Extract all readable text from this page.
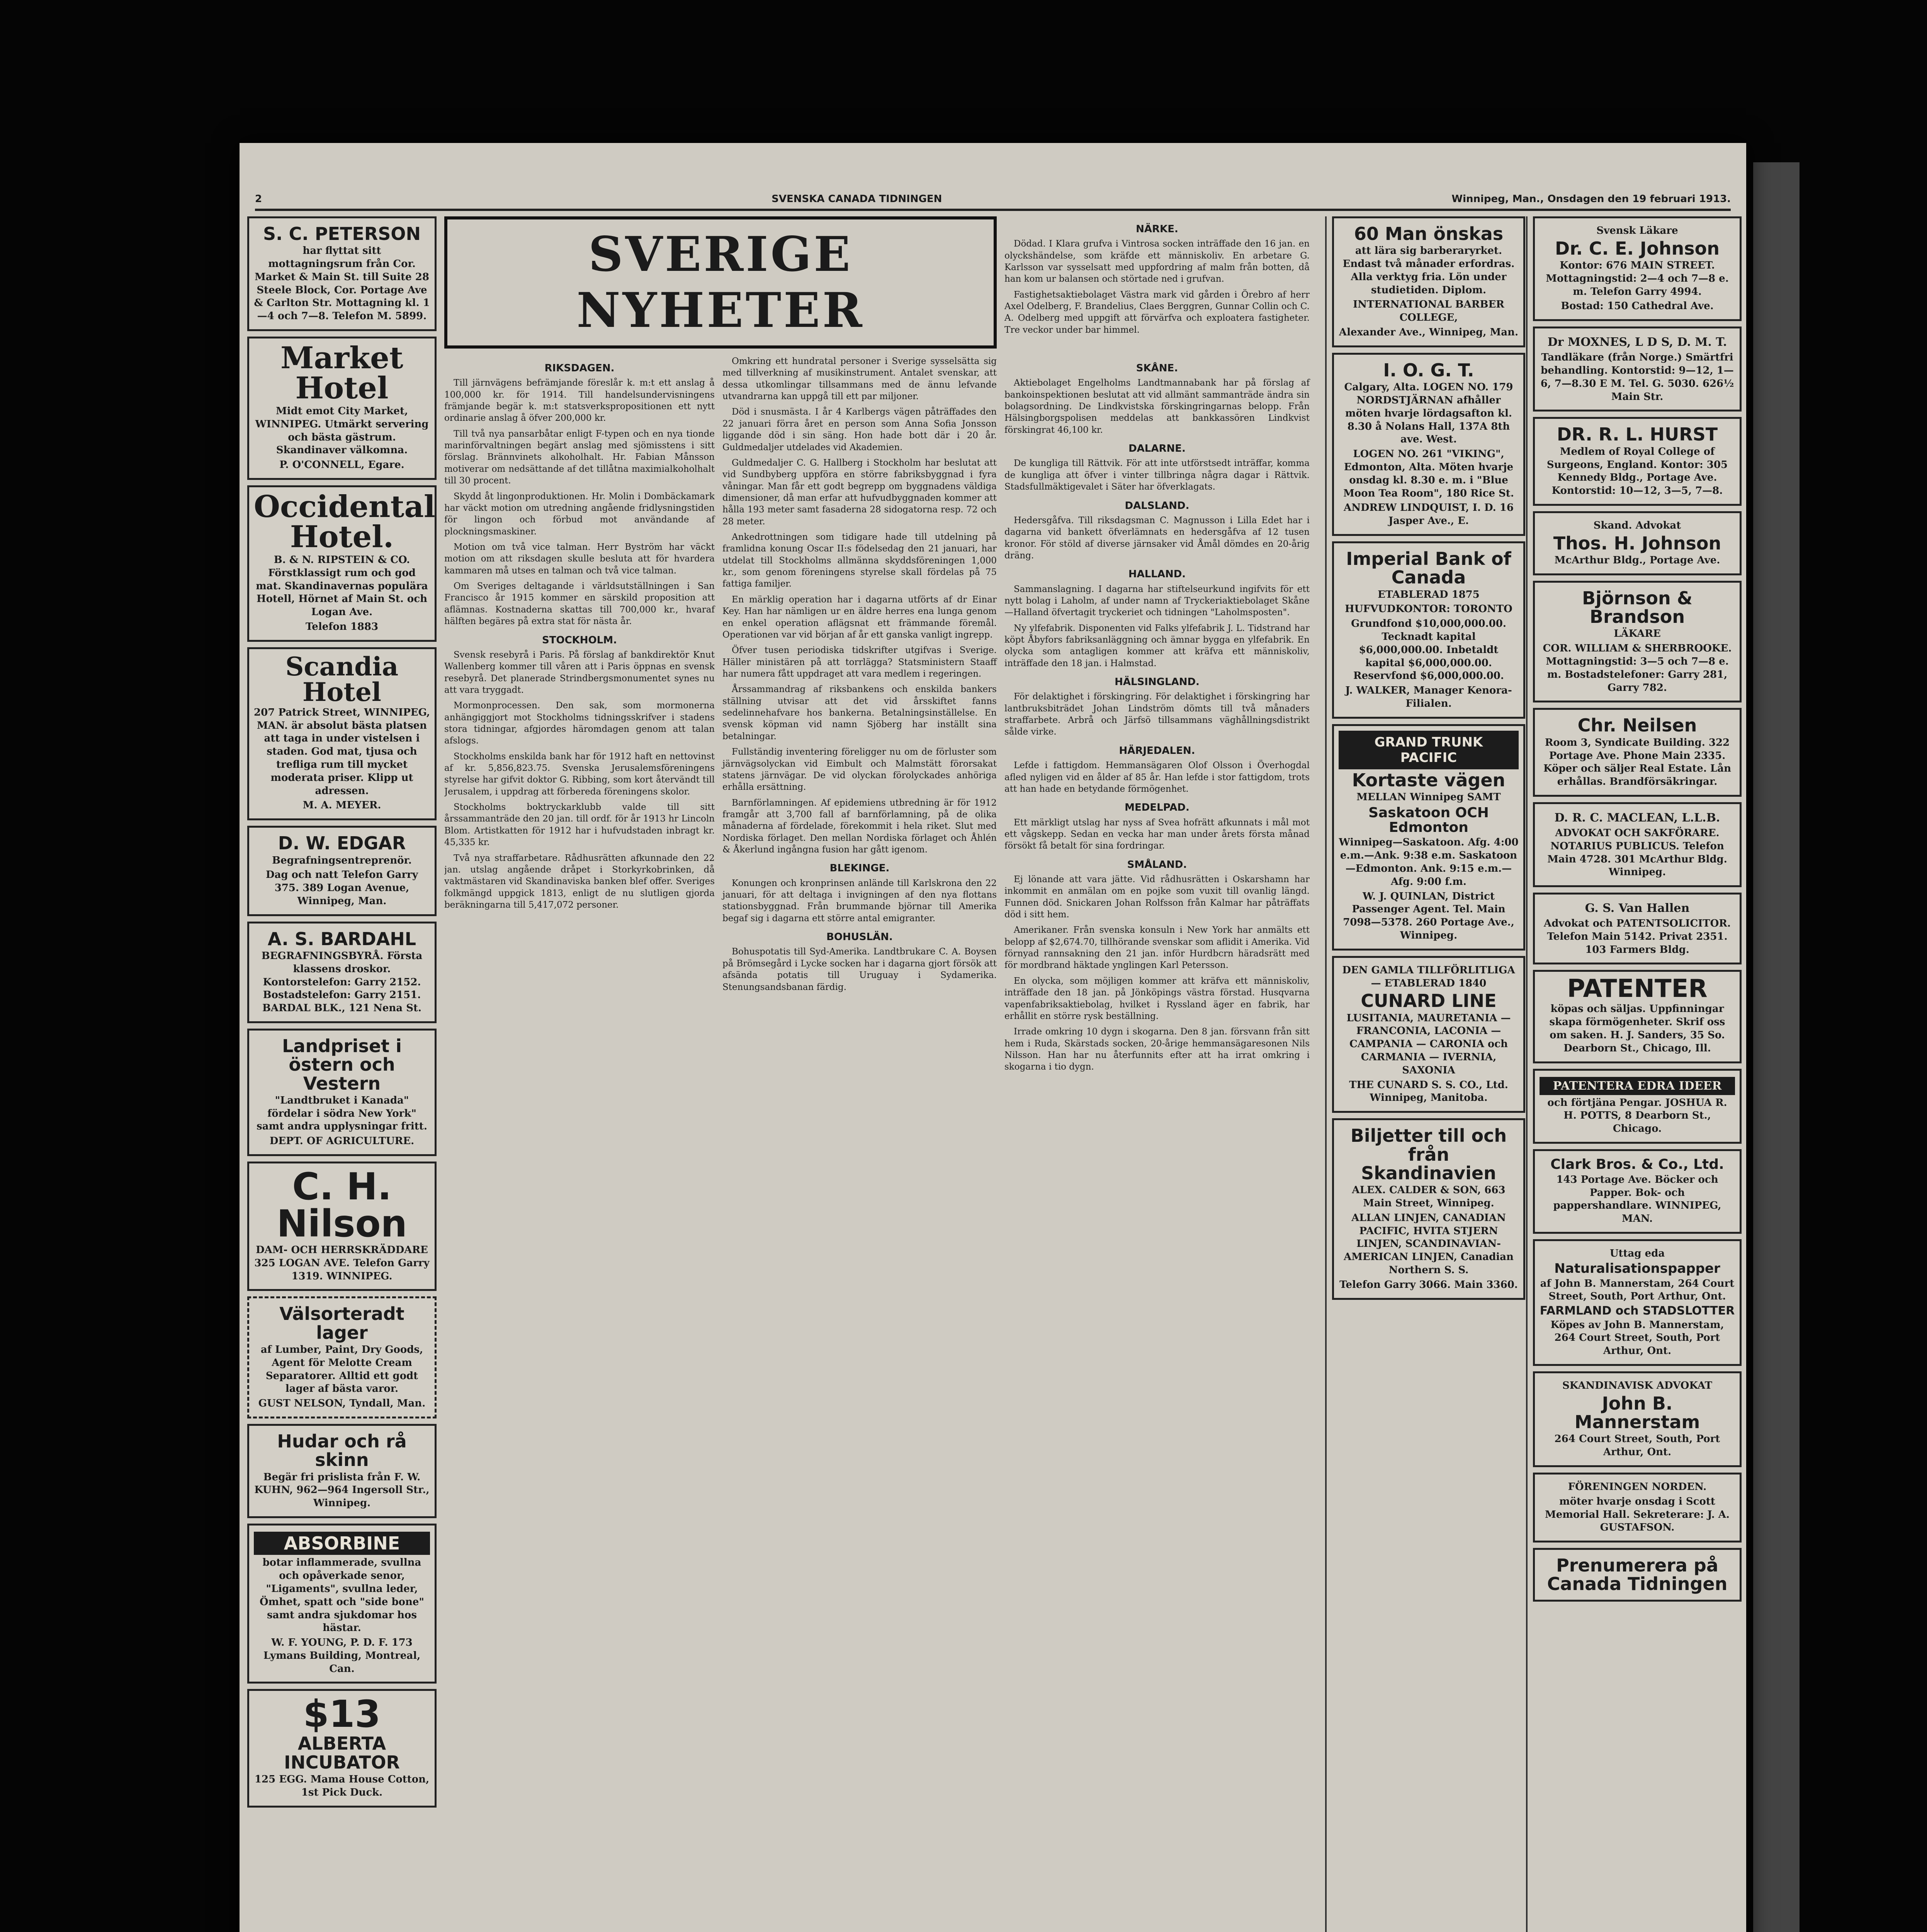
2	SVENSKA CANADA TIDNINGEN	Winnipeg, Man., Onsdagen den 19 februari 1913.
S. C. PETERSON

har flyttat sitt mottagningsrum från Cor. Market & Main St. till Suite 28 Steele Block, Cor. Portage Ave & Carlton Str. Mottagning kl. 1—4 och 7—8. Telefon M. 5899.

Market Hotel

Midt emot City Market, WINNIPEG. Utmärkt servering och bästa gästrum. Skandinaver välkomna.

P. O'CONNELL, Egare.

Occidental Hotel.

B. & N. RIPSTEIN & CO. Förstklassigt rum och god mat. Skandinavernas populära Hotell, Hörnet af Main St. och Logan Ave.

Telefon 1883

Scandia Hotel

207 Patrick Street, WINNIPEG, MAN. är absolut bästa platsen att taga in under vistelsen i staden. God mat, tjusa och trefliga rum till mycket moderata priser. Klipp ut adressen.

M. A. MEYER.

D. W. EDGAR

Begrafningsentreprenör.

Dag och natt Telefon Garry 375. 389 Logan Avenue, Winnipeg, Man.

A. S. BARDAHL

BEGRAFNINGSBYRÅ. Första klassens droskor. Kontorstelefon: Garry 2152. Bostadstelefon: Garry 2151. BARDAL BLK., 121 Nena St.

Landpriset i östern och Vestern

"Landtbruket i Kanada" fördelar i södra New York" samt andra upplysningar fritt.

DEPT. OF AGRICULTURE.

C. H. Nilson

DAM- OCH HERRSKRÄDDARE 325 LOGAN AVE. Telefon Garry 1319. WINNIPEG.

Välsorteradt lager

af Lumber, Paint, Dry Goods, Agent för Melotte Cream Separatorer. Alltid ett godt lager af bästa varor.

GUST NELSON, Tyndall, Man.

Hudar och rå skinn

Begär fri prislista från F. W. KUHN, 962—964 Ingersoll Str., Winnipeg.

ABSORBINE

botar inflammerade, svullna och opåverkade senor, "Ligaments", svullna leder, Ömhet, spatt och "side bone" samt andra sjukdomar hos hästar.

W. F. YOUNG, P. D. F. 173 Lymans Building, Montreal, Can.

$13
ALBERTA INCUBATOR

125 EGG. Mama House Cotton, 1st Pick Duck.

SVERIGE NYHETER
NÄRKE.

Dödad. I Klara grufva i Vintrosa socken inträffade den 16 jan. en olyckshändelse, som kräfde ett människoliv. En arbetare G. Karlsson var sysselsatt med uppfordring af malm från botten, då han kom ur balansen och störtade ned i grufvan.

Fastighetsaktiebolaget Västra mark vid gården i Örebro af herr Axel Odelberg, F. Brandelius, Claes Berggren, Gunnar Collin och C. A. Odelberg med uppgift att förvärfva och exploatera fastigheter. Tre veckor under bar himmel.

RIKSDAGEN.

Till järnvägens befrämjande föreslår k. m:t ett anslag å 100,000 kr. för 1914. Till handelsundervisningens främjande begär k. m:t statsverkspropositionen ett nytt ordinarie anslag å öfver 200,000 kr.

Till två nya pansarbåtar enligt F-typen och en nya tionde marinförvaltningen begärt anslag med sjömisstens i sitt förslag. Brännvinets alkoholhalt. Hr. Fabian Månsson motiverar om nedsättande af det tillåtna maximialkoholhalt till 30 procent.

Skydd åt lingonproduktionen. Hr. Molin i Dombäckamark har väckt motion om utredning angående fridlysningstiden för lingon och förbud mot användande af plockningsmaskiner.

Motion om två vice talman. Herr Byström har väckt motion om att riksdagen skulle besluta att för hvardera kammaren må utses en talman och två vice talman.

Om Sveriges deltagande i världsutställningen i San Francisco år 1915 kommer en särskild proposition att aflämnas. Kostnaderna skattas till 700,000 kr., hvaraf hälften begäres på extra stat för nästa år.

STOCKHOLM.

Svensk resebyrå i Paris. På förslag af bankdirektör Knut Wallenberg kommer till våren att i Paris öppnas en svensk resebyrå. Det planerade Strindbergsmonumentet synes nu att vara tryggadt.

Mormonprocessen. Den sak, som mormonerna anhängiggjort mot Stockholms tidningsskrifver i stadens stora tidningar, afgjordes häromdagen genom att talan afslogs.

Stockholms enskilda bank har för 1912 haft en nettovinst af kr. 5,856,823.75. Svenska Jerusalemsföreningens styrelse har gifvit doktor G. Ribbing, som kort återvändt till Jerusalem, i uppdrag att förbereda föreningens skolor.

Stockholms boktryckarklubb valde till sitt årssammanträde den 20 jan. till ordf. för år 1913 hr Lincoln Blom. Artistkatten för 1912 har i hufvudstaden inbragt kr. 45,335 kr.

Två nya straffarbetare. Rådhusrätten afkunnade den 22 jan. utslag angående dråpet i Storkyrkobrinken, då vaktmästaren vid Skandinaviska banken blef offer. Sveriges folkmängd uppgick 1813, enligt de nu slutligen gjorda beräkningarna till 5,417,072 personer.

Omkring ett hundratal personer i Sverige sysselsätta sig med tillverkning af musikinstrument. Antalet svenskar, att dessa utkomlingar tillsammans med de ännu lefvande utvandrarna kan uppgå till ett par miljoner.

Död i snusmästa. I år 4 Karlbergs vägen påträffades den 22 januari förra året en person som Anna Sofia Jonsson liggande död i sin säng. Hon hade bott där i 20 år. Guldmedaljer utdelades vid Akademien.

Guldmedaljer C. G. Hallberg i Stockholm har beslutat att vid Sundbyberg uppföra en större fabriksbyggnad i fyra våningar. Man får ett godt begrepp om byggnadens väldiga dimensioner, då man erfar att hufvudbyggnaden kommer att hålla 193 meter samt fasaderna 28 sidogatorna resp. 72 och 28 meter.

Ankedrottningen som tidigare hade till utdelning på framlidna konung Oscar II:s födelsedag den 21 januari, har utdelat till Stockholms allmänna skyddsföreningen 1,000 kr., som genom föreningens styrelse skall fördelas på 75 fattiga familjer.

En märklig operation har i dagarna utförts af dr Einar Key. Han har nämligen ur en äldre herres ena lunga genom en enkel operation aflägsnat ett främmande föremål. Operationen var vid början af år ett ganska vanligt ingrepp.

Öfver tusen periodiska tidskrifter utgifvas i Sverige. Häller ministären på att torrlägga? Statsministern Staaff har numera fått uppdraget att vara medlem i regeringen.

Årssammandrag af riksbankens och enskilda bankers ställning utvisar att det vid årsskiftet fanns sedelinnehafvare hos bankerna. Betalningsinställelse. En svensk köpman vid namn Sjöberg har inställt sina betalningar.

Fullständig inventering föreligger nu om de förluster som järnvägsolyckan vid Eimbult och Malmstätt förorsakat statens järnvägar. De vid olyckan förolyckades anhöriga erhålla ersättning.

Barnförlamningen. Af epidemiens utbredning är för 1912 framgår att 3,700 fall af barnförlamning, på de olika månaderna af fördelade, förekommit i hela riket. Slut med Nordiska förlaget. Den mellan Nordiska förlaget och Åhlén & Åkerlund ingångna fusion har gått igenom.

BLEKINGE.

Konungen och kronprinsen anlände till Karlskrona den 22 januari, för att deltaga i invigningen af den nya flottans stationsbyggnad. Från brummande björnar till Amerika begaf sig i dagarna ett större antal emigranter.

BOHUSLÄN.

Bohuspotatis till Syd-Amerika. Landtbrukare C. A. Boysen på Brömsegård i Lycke socken har i dagarna gjort försök att afsända potatis till Uruguay i Sydamerika. Stenungsandsbanan färdig.

SKÅNE.

Aktiebolaget Engelholms Landtmannabank har på förslag af bankoinspektionen beslutat att vid allmänt sammanträde ändra sin bolagsordning. De Lindkvistska förskingringarnas belopp. Från Hälsingborgspolisen meddelas att bankkassören Lindkvist förskingrat 46,100 kr.

DALARNE.

De kungliga till Rättvik. För att inte utförstsedt inträffar, komma de kungliga att öfver i vinter tillbringa några dagar i Rättvik. Stadsfullmäktigevalet i Säter har öfverklagats.

DALSLAND.

Hedersgåfva. Till riksdagsman C. Magnusson i Lilla Edet har i dagarna vid bankett öfverlämnats en hedersgåfva af 12 tusen kronor. För stöld af diverse järnsaker vid Åmål dömdes en 20-årig dräng.

HALLAND.

Sammanslagning. I dagarna har stiftelseurkund ingifvits för ett nytt bolag i Laholm, af under namn af Tryckeriaktiebolaget Skåne—Halland öfvertagit tryckeriet och tidningen "Laholmsposten".

Ny ylfefabrik. Disponenten vid Falks ylfefabrik J. L. Tidstrand har köpt Åbyfors fabriksanläggning och ämnar bygga en ylfefabrik. En olycka som antagligen kommer att kräfva ett människoliv, inträffade den 18 jan. i Halmstad.

HÄLSINGLAND.

För delaktighet i förskingring. För delaktighet i förskingring har lantbruksbiträdet Johan Lindström dömts till två månaders straffarbete. Arbrå och Järfsö tillsammans väghållningsdistrikt sålde virke.

HÄRJEDALEN.

Lefde i fattigdom. Hemmansägaren Olof Olsson i Överhogdal afled nyligen vid en ålder af 85 år. Han lefde i stor fattigdom, trots att han hade en betydande förmögenhet.

MEDELPAD.

Ett märkligt utslag har nyss af Svea hofrätt afkunnats i mål mot ett vågskepp. Sedan en vecka har man under årets första månad försökt få betalt för sina fordringar.

SMÅLAND.

Ej lönande att vara jätte. Vid rådhusrätten i Oskarshamn har inkommit en anmälan om en pojke som vuxit till ovanlig längd. Funnen död. Snickaren Johan Rolfsson från Kalmar har påträffats död i sitt hem.

Amerikaner. Från svenska konsuln i New York har anmälts ett belopp af $2,674.70, tillhörande svenskar som aflidit i Amerika. Vid förnyad rannsakning den 21 jan. inför Hurdbcrn häradsrätt med för mordbrand häktade ynglingen Karl Petersson.

En olycka, som möjligen kommer att kräfva ett människoliv, inträffade den 18 jan. på Jönköpings västra förstad. Husqvarna vapenfabriksaktiebolag, hvilket i Ryssland äger en fabrik, har erhållit en större rysk beställning.

Irrade omkring 10 dygn i skogarna. Den 8 jan. försvann från sitt hem i Ruda, Skärstads socken, 20-årige hemmansägaresonen Nils Nilsson. Han har nu återfunnits efter att ha irrat omkring i skogarna i tio dygn.

60 Man önskas

att lära sig barberaryrket. Endast två månader erfordras. Alla verktyg fria. Lön under studietiden. Diplom.

INTERNATIONAL BARBER COLLEGE,

Alexander Ave., Winnipeg, Man.

I. O. G. T.

Calgary, Alta. LOGEN NO. 179 NORDSTJÄRNAN afhåller möten hvarje lördagsafton kl. 8.30 å Nolans Hall, 137A 8th ave. West.

LOGEN NO. 261 "VIKING", Edmonton, Alta. Möten hvarje onsdag kl. 8.30 e. m. i "Blue Moon Tea Room", 180 Rice St.

ANDREW LINDQUIST, I. D. 16 Jasper Ave., E.

Imperial Bank of Canada

ETABLERAD 1875

HUFVUDKONTOR: TORONTO

Grundfond $10,000,000.00. Tecknadt kapital $6,000,000.00. Inbetaldt kapital $6,000,000.00. Reservfond $6,000,000.00.

J. WALKER, Manager Kenora-Filialen.

GRAND TRUNK PACIFIC
Kortaste vägen

MELLAN Winnipeg SAMT

Saskatoon OCH Edmonton

Winnipeg—Saskatoon. Afg. 4:00 e.m.—Ank. 9:38 e.m. Saskatoon—Edmonton. Ank. 9:15 e.m.—Afg. 9:00 f.m.

W. J. QUINLAN, District Passenger Agent. Tel. Main 7098—5378. 260 Portage Ave., Winnipeg.

DEN GAMLA TILLFÖRLITLIGA — ETABLERAD 1840

CUNARD LINE

LUSITANIA, MAURETANIA — FRANCONIA, LACONIA — CAMPANIA — CARONIA och CARMANIA — IVERNIA, SAXONIA

THE CUNARD S. S. CO., Ltd. Winnipeg, Manitoba.

Biljetter till och från Skandinavien

ALEX. CALDER & SON, 663 Main Street, Winnipeg.

ALLAN LINJEN, CANADIAN PACIFIC, HVITA STJERN LINJEN, SCANDINAVIAN-AMERICAN LINJEN, Canadian Northern S. S.

Telefon Garry 3066. Main 3360.

Svensk Läkare

Dr. C. E. Johnson

Kontor: 676 MAIN STREET. Mottagningstid: 2—4 och 7—8 e. m. Telefon Garry 4994.

Bostad: 150 Cathedral Ave.

Dr MOXNES, L D S, D. M. T.

Tandläkare (från Norge.) Smärtfri behandling. Kontorstid: 9—12, 1—6, 7—8.30 E M. Tel. G. 5030. 626½ Main Str.

DR. R. L. HURST

Medlem of Royal College of Surgeons, England. Kontor: 305 Kennedy Bldg., Portage Ave. Kontorstid: 10—12, 3—5, 7—8.

Skand. Advokat

Thos. H. Johnson

McArthur Bldg., Portage Ave.

Björnson & Brandson

LÄKARE

COR. WILLIAM & SHERBROOKE. Mottagningstid: 3—5 och 7—8 e. m. Bostadstelefoner: Garry 281, Garry 782.

Chr. Neilsen

Room 3, Syndicate Building. 322 Portage Ave. Phone Main 2335. Köper och säljer Real Estate. Lån erhållas. Brandförsäkringar.

D. R. C. MACLEAN, L.L.B.

ADVOKAT OCH SAKFÖRARE. NOTARIUS PUBLICUS. Telefon Main 4728. 301 McArthur Bldg. Winnipeg.

G. S. Van Hallen

Advokat och PATENTSOLICITOR. Telefon Main 5142. Privat 2351. 103 Farmers Bldg.

PATENTER

köpas och säljas. Uppfinningar skapa förmögenheter. Skrif oss om saken. H. J. Sanders, 35 So. Dearborn St., Chicago, Ill.

PATENTERA EDRA IDEER

och förtjäna Pengar. JOSHUA R. H. POTTS, 8 Dearborn St., Chicago.

Clark Bros. & Co., Ltd.

143 Portage Ave. Böcker och Papper. Bok- och pappershandlare. WINNIPEG, MAN.

Uttag eda

Naturalisationspapper

af John B. Mannerstam, 264 Court Street, South, Port Arthur, Ont.

FARMLAND och STADSLOTTER

Köpes av John B. Mannerstam, 264 Court Street, South, Port Arthur, Ont.

SKANDINAVISK ADVOKAT

John B. Mannerstam

264 Court Street, South, Port Arthur, Ont.

FÖRENINGEN NORDEN.

möter hvarje onsdag i Scott Memorial Hall. Sekreterare: J. A. GUSTAFSON.

Prenumerera på Canada Tidningen
